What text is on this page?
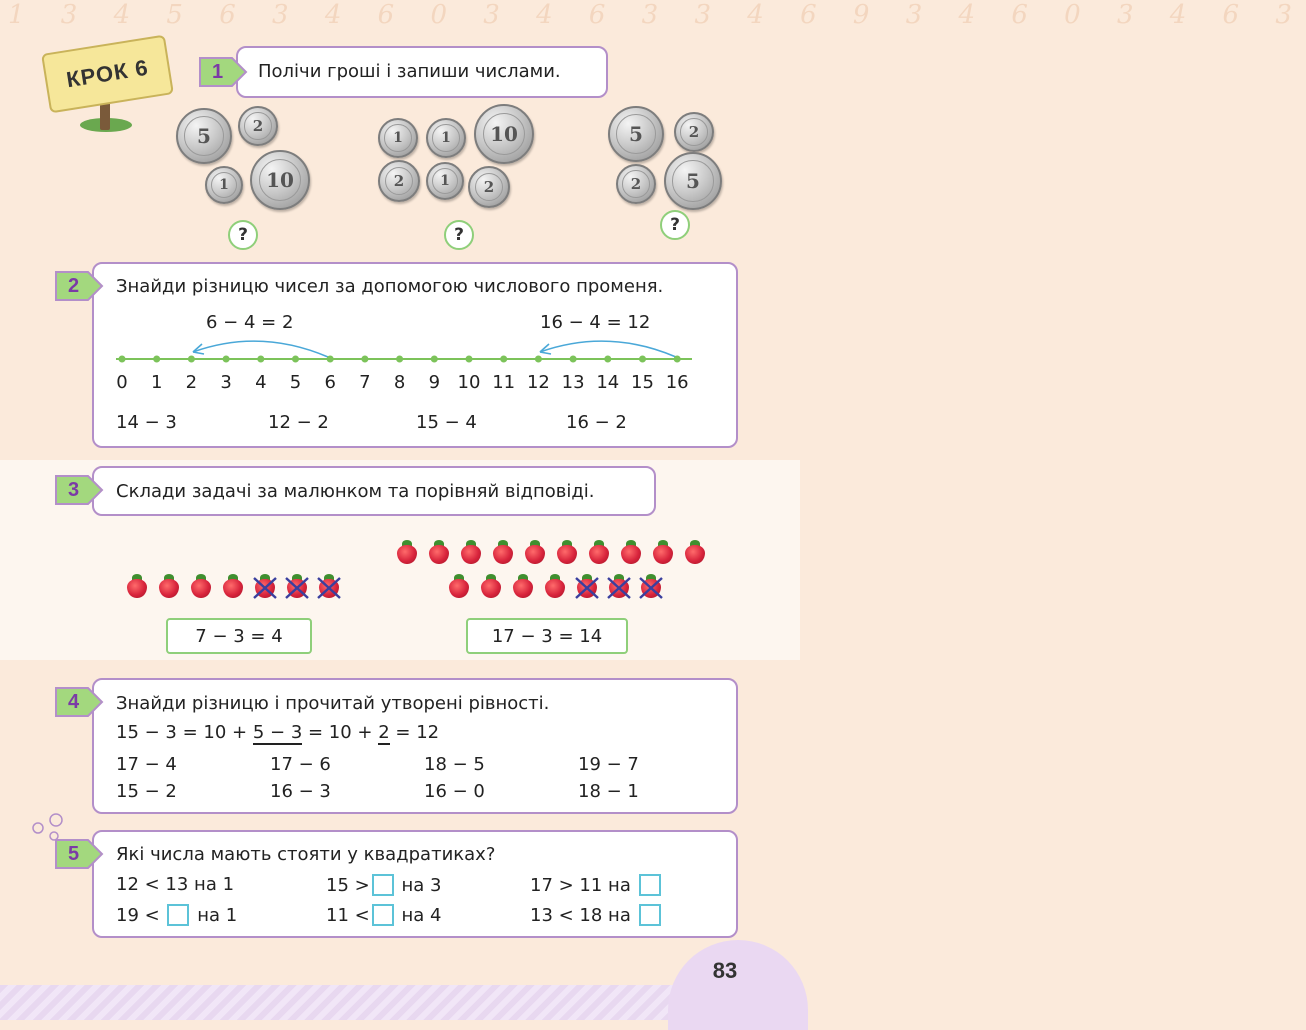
1 3 4 5 6 3 4 6 0 3 4 6 3 3 4 6 9 3 4 6 0 3 4 6 3
83
КРОК 6	1 Полічи гроші і запиши числами.
5	2
1 10
?
1	1 10
2	1 2
?
5	2
2 5
?
2 Знайди різницю чисел за допомогою числового променя.
6 − 4 = 2	16 − 4 = 12
0 1 2 3 4 5 6 7 8 9 10 11 12 13 14 15 16
14 − 3	12 − 2	15 − 4	16 − 2
3 Склади задачі за малюнком та порівняй відповіді.
7 − 3 = 4	17 − 3 = 14
4 Знайди різницю і прочитай утворені рівності.
15 − 3 = 10 + 5 − 3 = 10 + 2 = 12
17 − 4	17 − 6	18 − 5	19 − 7
15 − 2	16 − 3	16 − 0	18 − 1
5 Які числа мають стояти у квадратиках?
12 < 13 на 1	15 > на 3	17 > 11 на
19 < на 1	11 < на 4	13 < 18 на
